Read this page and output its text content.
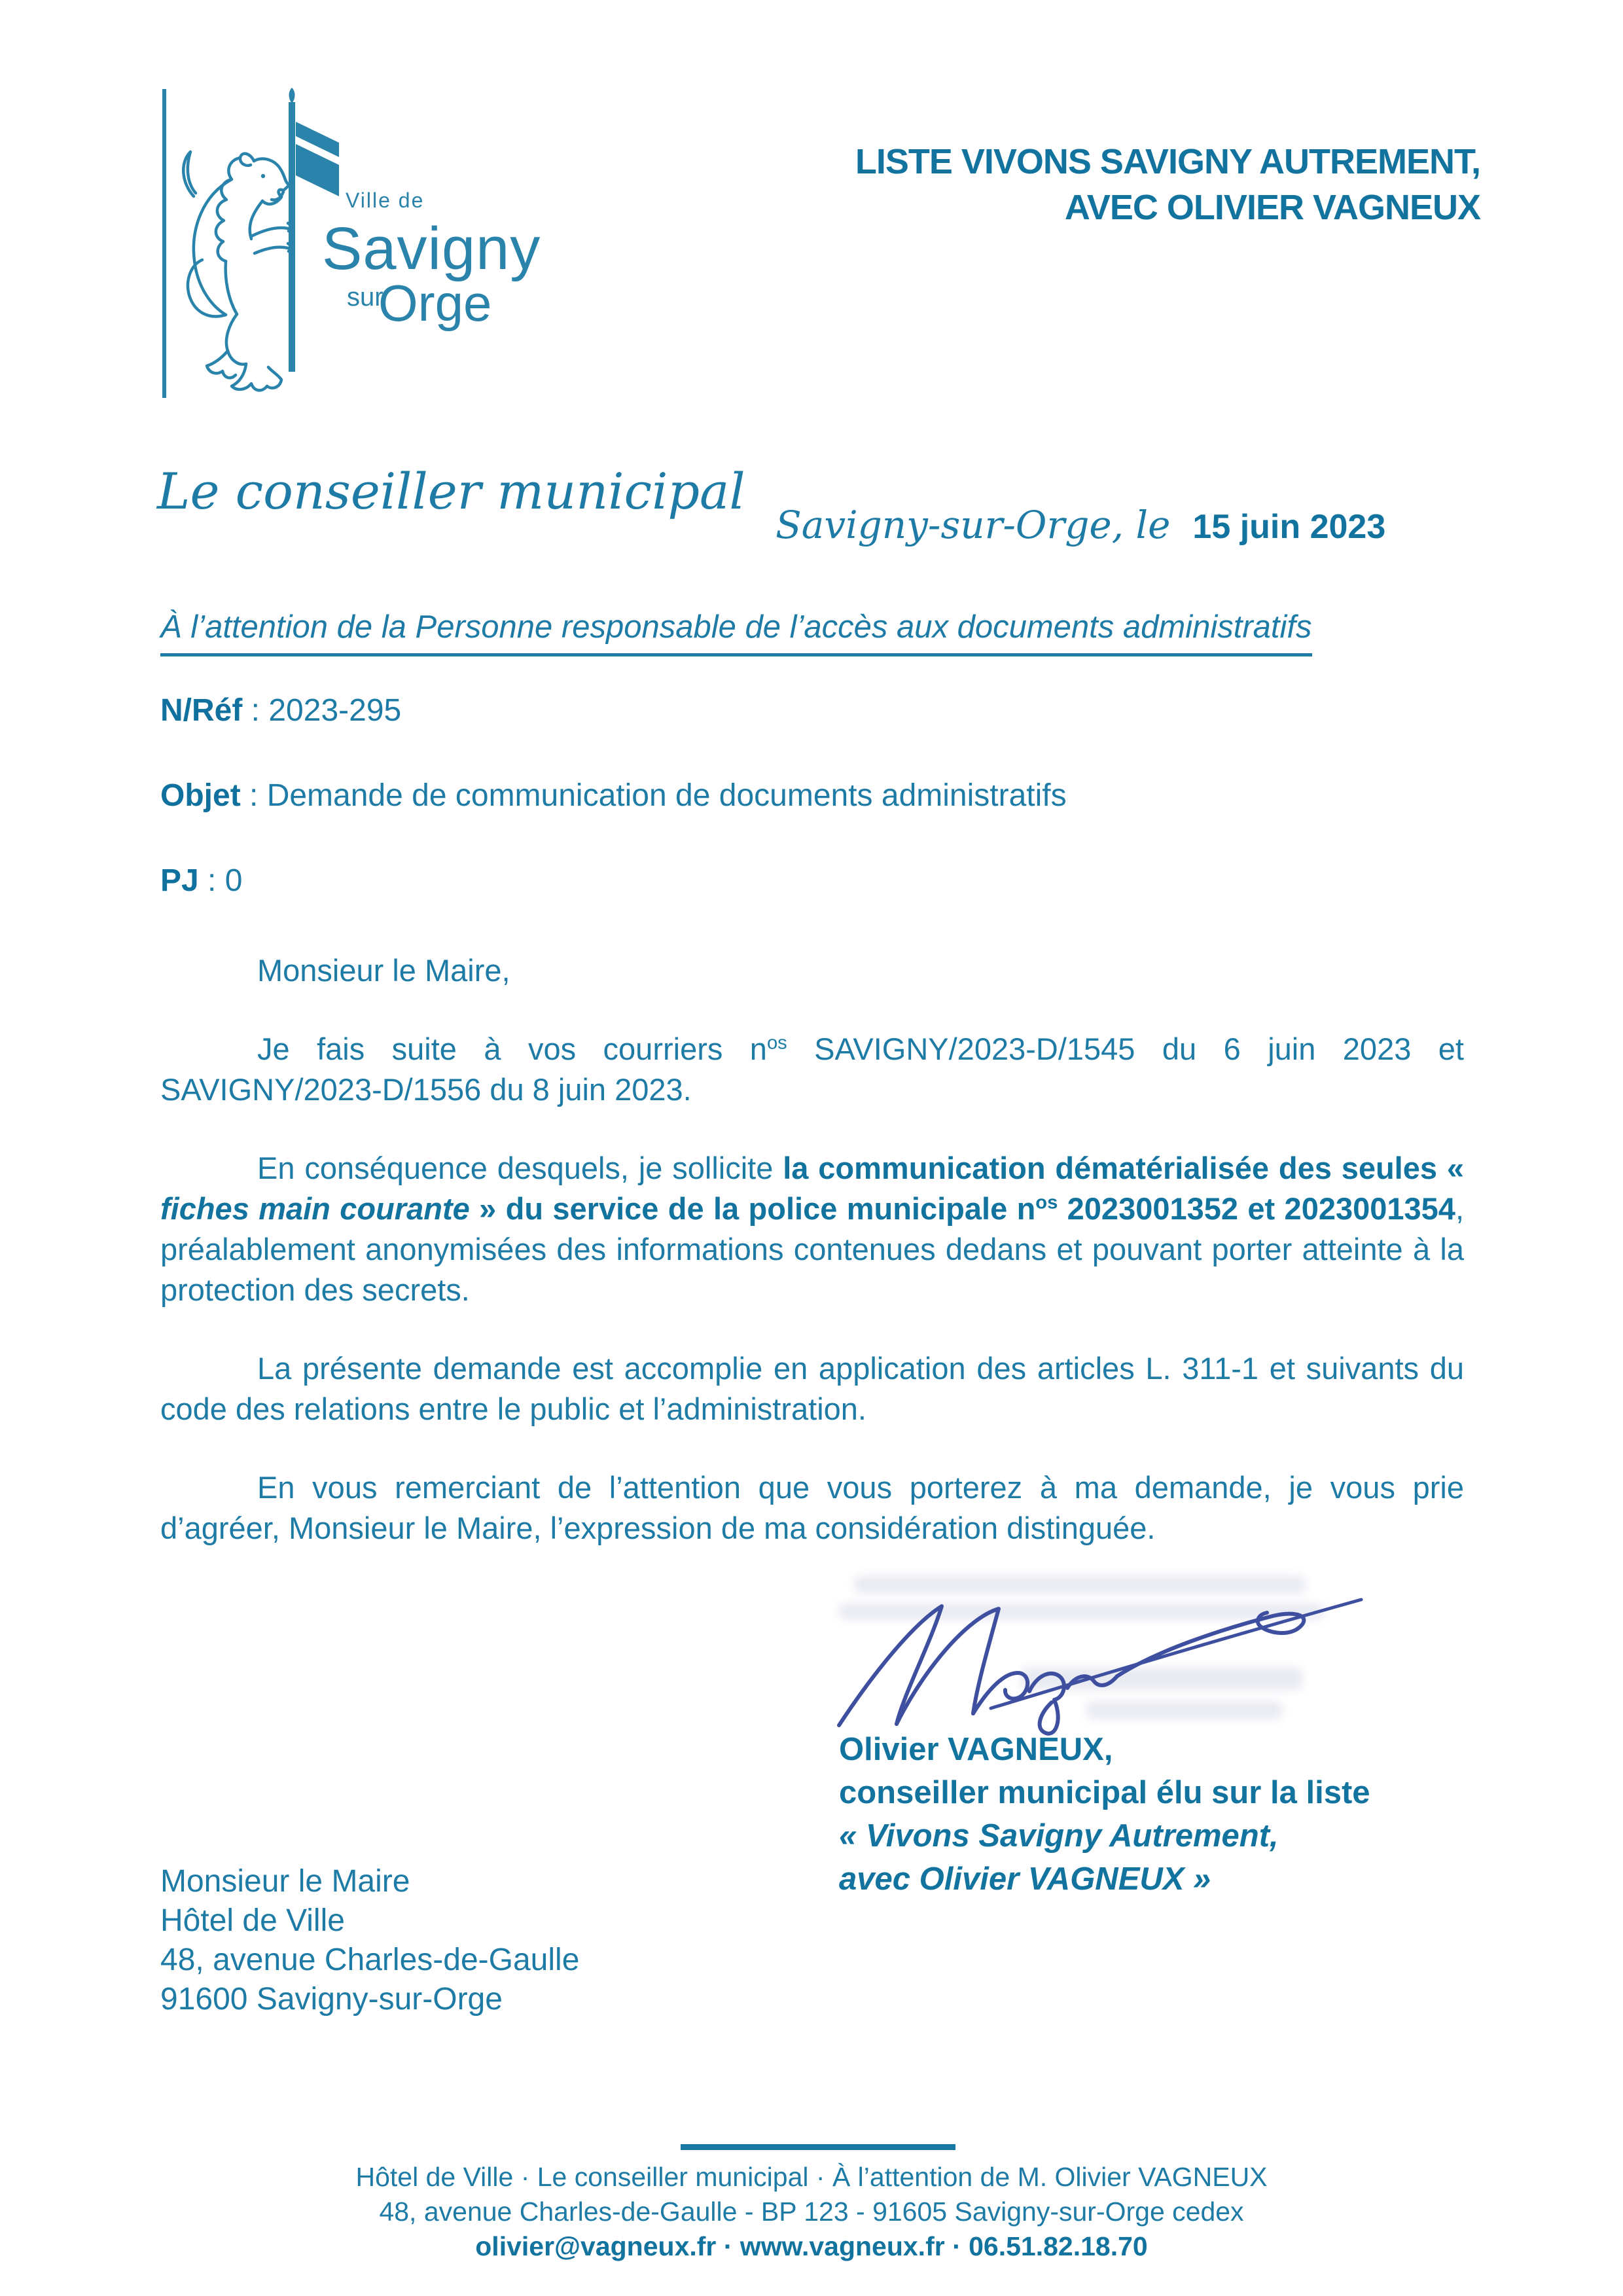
Ville de
Savigny
sur
Orge
LISTE VIVONS SAVIGNY AUTREMENT,
AVEC OLIVIER VAGNEUX
Le conseiller municipal
Savigny-sur-Orge, le 15 juin 2023
À l’attention de la Personne responsable de l’accès aux documents administratifs
N/Réf : 2023-295
Objet : Demande de communication de documents administratifs
PJ : 0

Monsieur le Maire,

Je fais suite à vos courriers $n^{os}$ SAVIGNY/2023-D/1545 du 6 juin 2023 et SAVIGNY/2023-D/1556 du 8 juin 2023.

En conséquence desquels, je sollicite la communication dématérialisée des seules « fiches main courante » du service de la police municipale $n^{os}$ 2023001352 et 2023001354, préalablement anonymisées des informations contenues dedans et pouvant porter atteinte à la protection des secrets.

La présente demande est accomplie en application des articles L. 311-1 et suivants du code des relations entre le public et l’administration.

En vous remerciant de l’attention que vous porterez à ma demande, je vous prie d’agréer, Monsieur le Maire, l’expression de ma considération distinguée.

Olivier VAGNEUX,
conseiller municipal élu sur la liste
« Vivons Savigny Autrement,
avec Olivier VAGNEUX »
Monsieur le Maire
Hôtel de Ville
48, avenue Charles-de-Gaulle
91600 Savigny-sur-Orge
Hôtel de Ville · Le conseiller municipal · À l’attention de M. Olivier VAGNEUX
48, avenue Charles-de-Gaulle - BP 123 - 91605 Savigny-sur-Orge cedex
olivier@vagneux.fr · www.vagneux.fr · 06.51.82.18.70
